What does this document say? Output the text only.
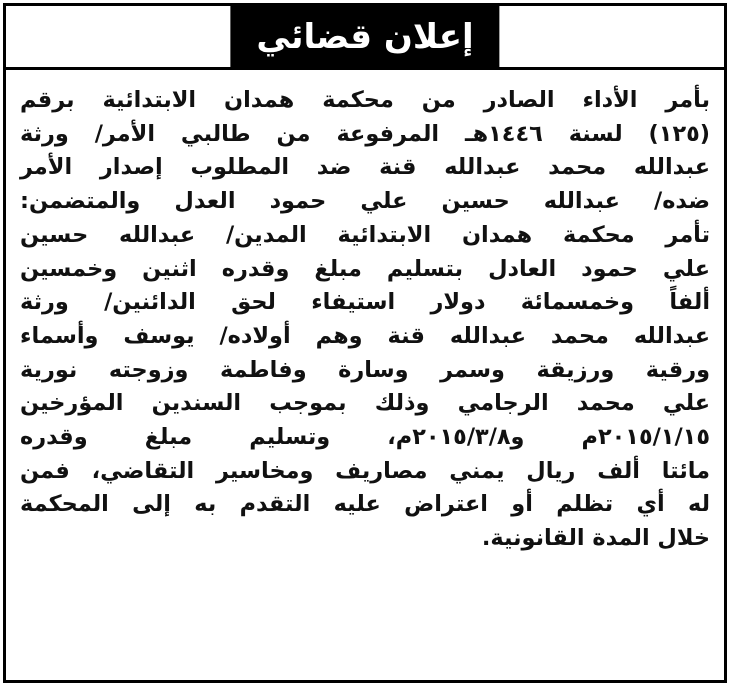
إعلان قضائي
بأمر الأداء الصادر من محكمة همدان الابتدائية برقم
(١٢٥) لسنة ١٤٤٦هـ المرفوعة من طالبي الأمر/ ورثة
عبدالله محمد عبدالله قنة ضد المطلوب إصدار الأمر
ضده/ عبدالله حسين علي حمود العدل والمتضمن:
تأمر محكمة همدان الابتدائية المدين/ عبدالله حسين
علي حمود العادل بتسليم مبلغ وقدره اثنين وخمسين
ألفاً وخمسمائة دولار استيفاء لحق الدائنين/ ورثة
عبدالله محمد عبدالله قنة وهم أولاده/ يوسف وأسماء
ورقية ورزيقة وسمر وسارة وفاطمة وزوجته نورية
علي محمد الرجامي وذلك بموجب السندين المؤرخين
٢٠١٥/١/١٥م و٢٠١٥/٣/٨م، وتسليم مبلغ وقدره
مائتا ألف ريال يمني مصاريف ومخاسير التقاضي، فمن
له أي تظلم أو اعتراض عليه التقدم به إلى المحكمة
خلال المدة القانونية.
